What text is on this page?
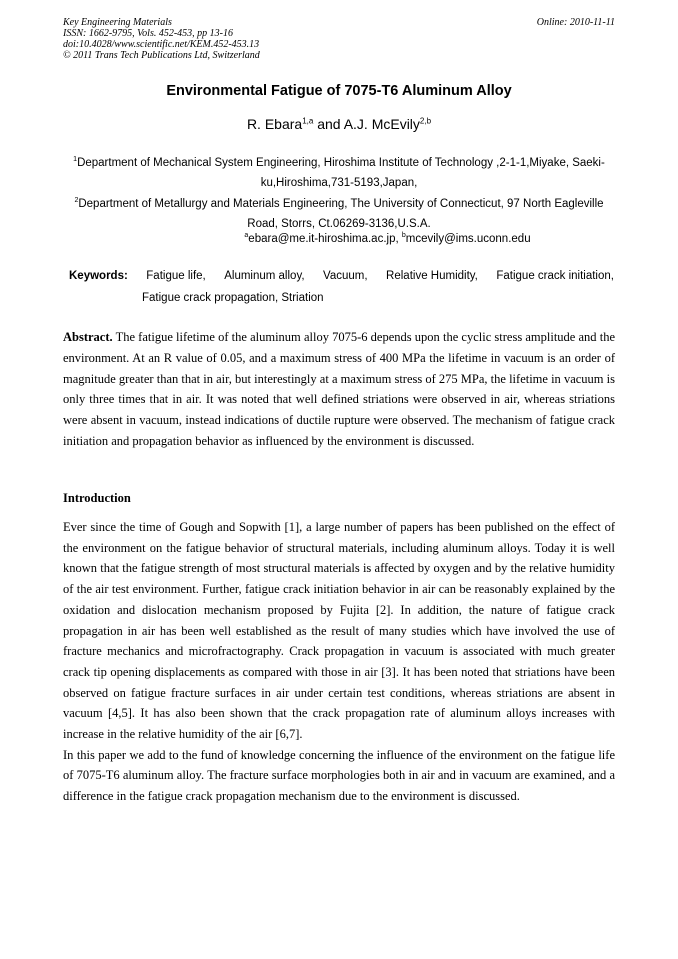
Key Engineering Materials
ISSN: 1662-9795, Vols. 452-453, pp 13-16
doi:10.4028/www.scientific.net/KEM.452-453.13
© 2011 Trans Tech Publications Ltd, Switzerland
Online: 2010-11-11
Environmental Fatigue of 7075-T6 Aluminum Alloy
R. Ebara$^{1,a}$ and A.J. McEvily$^{2,b}$
$^1$Department of Mechanical System Engineering, Hiroshima Institute of Technology ,2-1-1,Miyake, Saeki-ku,Hiroshima,731-5193,Japan,
$^2$Department of Metallurgy and Materials Engineering, The University of Connecticut, 97 North Eagleville Road, Storrs, Ct.06269-3136,U.S.A.
$^a$ebara@me.it-hiroshima.ac.jp, $^b$mcevily@ims.uconn.edu
Keywords: Fatigue life, Aluminum alloy, Vacuum, Relative Humidity, Fatigue crack initiation,
Fatigue crack propagation, Striation
Abstract. The fatigue lifetime of the aluminum alloy 7075-6 depends upon the cyclic stress amplitude and the environment. At an R value of 0.05, and a maximum stress of 400 MPa the lifetime in vacuum is an order of magnitude greater than that in air, but interestingly at a maximum stress of 275 MPa, the lifetime in vacuum is only three times that in air. It was noted that well defined striations were observed in air, whereas striations were absent in vacuum, instead indications of ductile rupture were observed. The mechanism of fatigue crack initiation and propagation behavior as influenced by the environment is discussed.
Introduction

Ever since the time of Gough and Sopwith [1], a large number of papers has been published on the effect of the environment on the fatigue behavior of structural materials, including aluminum alloys. Today it is well known that the fatigue strength of most structural materials is affected by oxygen and by the relative humidity of the air test environment. Further, fatigue crack initiation behavior in air can be reasonably explained by the oxidation and dislocation mechanism proposed by Fujita [2]. In addition, the nature of fatigue crack propagation in air has been well established as the result of many studies which have involved the use of fracture mechanics and microfractography. Crack propagation in vacuum is associated with much greater crack tip opening displacements as compared with those in air [3]. It has been noted that striations have been observed on fatigue fracture surfaces in air under certain test conditions, whereas striations are absent in vacuum [4,5]. It has also been shown that the crack propagation rate of aluminum alloys increases with increase in the relative humidity of the air [6,7].

In this paper we add to the fund of knowledge concerning the influence of the environment on the fatigue life of 7075-T6 aluminum alloy. The fracture surface morphologies both in air and in vacuum are examined, and a difference in the fatigue crack propagation mechanism due to the environment is discussed.
